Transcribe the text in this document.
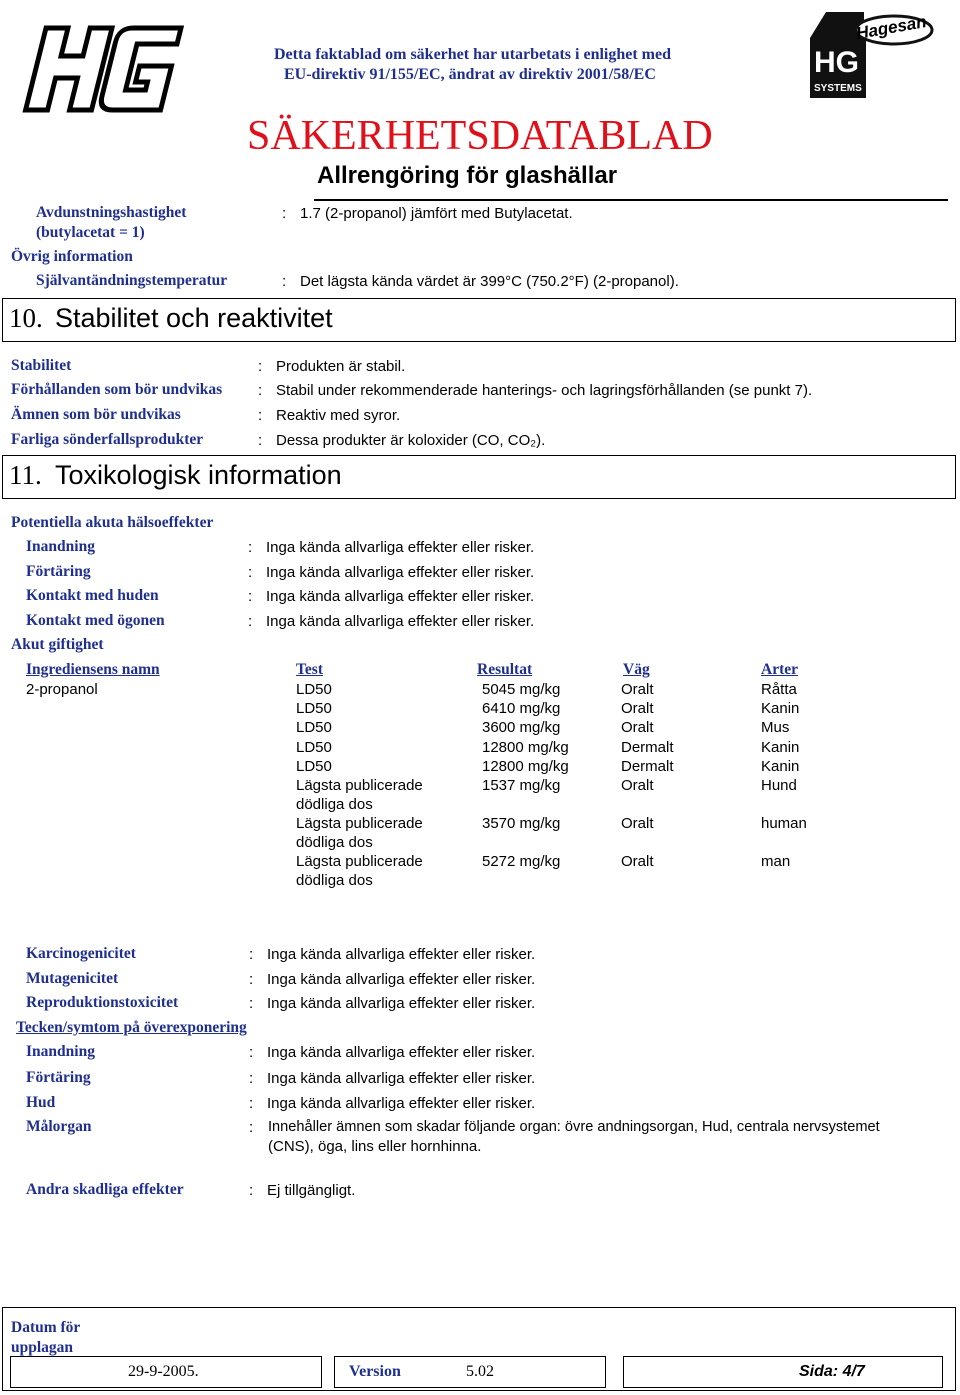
Detta faktablad om säkerhet har utarbetats i enlighet med
EU-direktiv 91/155/EC, ändrat av direktiv 2001/58/EC
SÄKERHETSDATABLAD
Allrengöring för glashällar
Hagesan
HG
SYSTEMS
Avdunstningshastighet
(butylacetat = 1)
: 1.7 (2-propanol) jämfört med Butylacetat.
Övrig information
Självantändningstemperatur	: Det lägsta kända värdet är 399°C (750.2°F) (2-propanol).
10. Stabilitet och reaktivitet
Stabilitet	: Produkten är stabil.
Förhållanden som bör undvikas : Stabil under rekommenderade hanterings- och lagringsförhållanden (se punkt 7).
Ämnen som bör undvikas	: Reaktiv med syror.
Farliga sönderfallsprodukter	: Dessa produkter är koloxider (CO, CO₂).
11. Toxikologisk information
Potentiella akuta hälsoeffekter
Inandning	: Inga kända allvarliga effekter eller risker.
Förtäring	: Inga kända allvarliga effekter eller risker.
Kontakt med huden	: Inga kända allvarliga effekter eller risker.
Kontakt med ögonen	: Inga kända allvarliga effekter eller risker.
Akut giftighet
Ingrediensens namn	Test	Resultat	Väg	Arter
2-propanol	LD50	5045 mg/kg	Oralt	Råtta
LD50	6410 mg/kg	Oralt	Kanin
LD50	3600 mg/kg	Oralt	Mus
LD50	12800 mg/kg	Dermalt	Kanin
LD50	12800 mg/kg	Dermalt	Kanin
Lägsta publicerade	1537 mg/kg	Oralt	Hund
dödliga dos
Lägsta publicerade	3570 mg/kg	Oralt	human
dödliga dos
Lägsta publicerade	5272 mg/kg	Oralt	man
dödliga dos
Karcinogenicitet	: Inga kända allvarliga effekter eller risker.
Mutagenicitet	: Inga kända allvarliga effekter eller risker.
Reproduktionstoxicitet	: Inga kända allvarliga effekter eller risker.
Tecken/symtom på överexponering
Inandning	: Inga kända allvarliga effekter eller risker.
Förtäring	: Inga kända allvarliga effekter eller risker.
Hud	: Inga kända allvarliga effekter eller risker.
Målorgan	: Innehåller ämnen som skadar följande organ: övre andningsorgan, Hud, centrala nervsystemet
(CNS), öga, lins eller hornhinna.
Andra skadliga effekter	: Ej tillgängligt.
Datum för
upplagan
29-9-2005.	Version	5.02	Sida: 4/7
